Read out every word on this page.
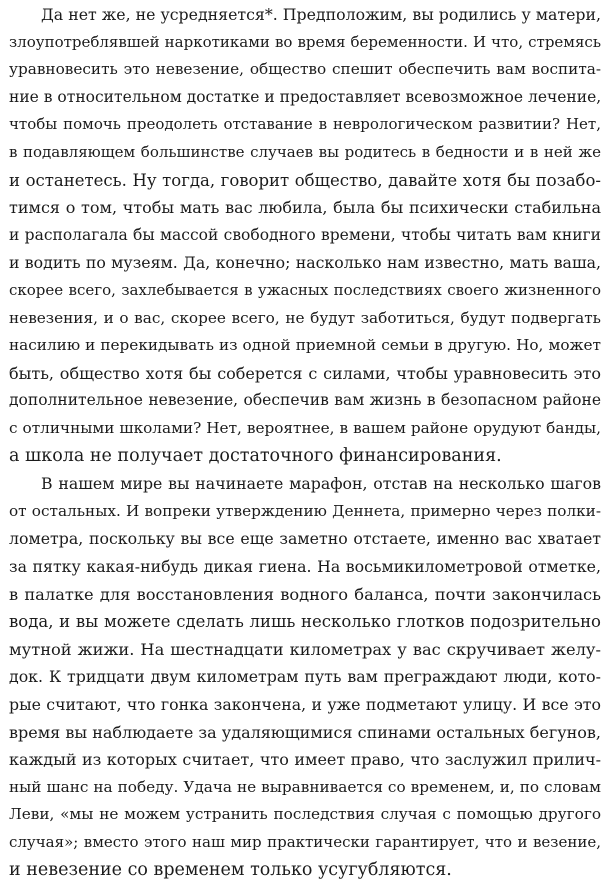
Да нет же, не усредняется*. Предположим, вы родились у матери,
злоупотреблявшей наркотиками во время беременности. И что, стремясь
уравновесить это невезение, общество спешит обеспечить вам воспита-
ние в относительном достатке и предоставляет всевозможное лечение,
чтобы помочь преодолеть отставание в неврологическом развитии? Нет,
в подавляющем большинстве случаев вы родитесь в бедности и в ней же
и останетесь. Ну тогда, говорит общество, давайте хотя бы позабо-
тимся о том, чтобы мать вас любила, была бы психически стабильна
и располагала бы массой свободного времени, чтобы читать вам книги
и водить по музеям. Да, конечно; насколько нам известно, мать ваша,
скорее всего, захлебывается в ужасных последствиях своего жизненного
невезения, и о вас, скорее всего, не будут заботиться, будут подвергать
насилию и перекидывать из одной приемной семьи в другую. Но, может
быть, общество хотя бы соберется с силами, чтобы уравновесить это
дополнительное невезение, обеспечив вам жизнь в безопасном районе
с отличными школами? Нет, вероятнее, в вашем районе орудуют банды,
а школа не получает достаточного финансирования.
В нашем мире вы начинаете марафон, отстав на несколько шагов
от остальных. И вопреки утверждению Деннета, примерно через полки-
лометра, поскольку вы все еще заметно отстаете, именно вас хватает
за пятку какая-нибудь дикая гиена. На восьмикилометровой отметке,
в палатке для восстановления водного баланса, почти закончилась
вода, и вы можете сделать лишь несколько глотков подозрительно
мутной жижи. На шестнадцати километрах у вас скручивает желу-
док. К тридцати двум километрам путь вам преграждают люди, кото-
рые считают, что гонка закончена, и уже подметают улицу. И все это
время вы наблюдаете за удаляющимися спинами остальных бегунов,
каждый из которых считает, что имеет право, что заслужил прилич-
ный шанс на победу. Удача не выравнивается со временем, и, по словам
Леви, «мы не можем устранить последствия случая с помощью другого
случая»; вместо этого наш мир практически гарантирует, что и везение,
и невезение со временем только усугубляются.
